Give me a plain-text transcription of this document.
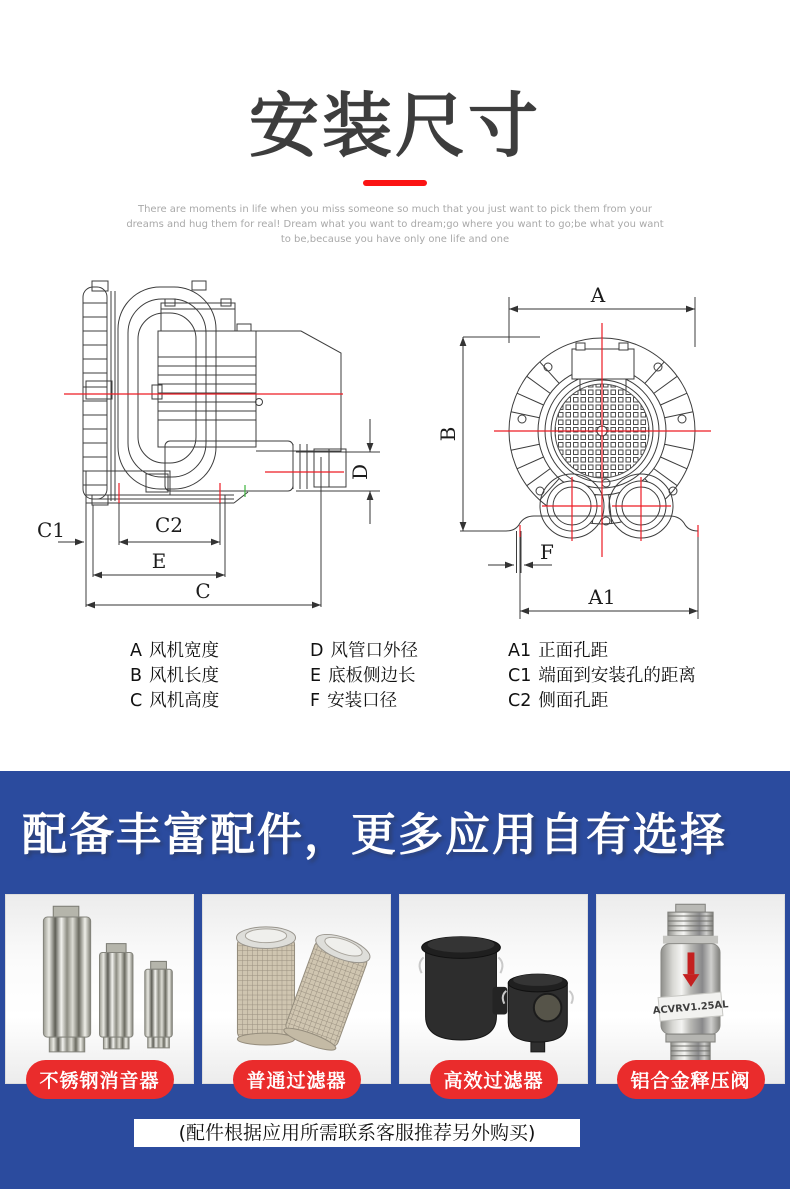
安装尺寸

There are moments in life when you miss someone so much that you just want to pick them from your dreams and hug them for real! Dream what you want to dream;go where you want to go;be what you want to be,because you have only one life and one

C1	C2
E
C
D
A
B
F
A1
A 风机宽度
B 风机长度
C 风机高度
D 风管口外径
E 底板侧边长
F 安装口径
A1 正面孔距
C1 端面到安装孔的距离
C2 侧面孔距
配备丰富配件，更多应用自有选择
不锈钢消音器	普通过滤器	高效过滤器
ACVRV1.25AL
铝合金释压阀
(配件根据应用所需联系客服推荐另外购买)
